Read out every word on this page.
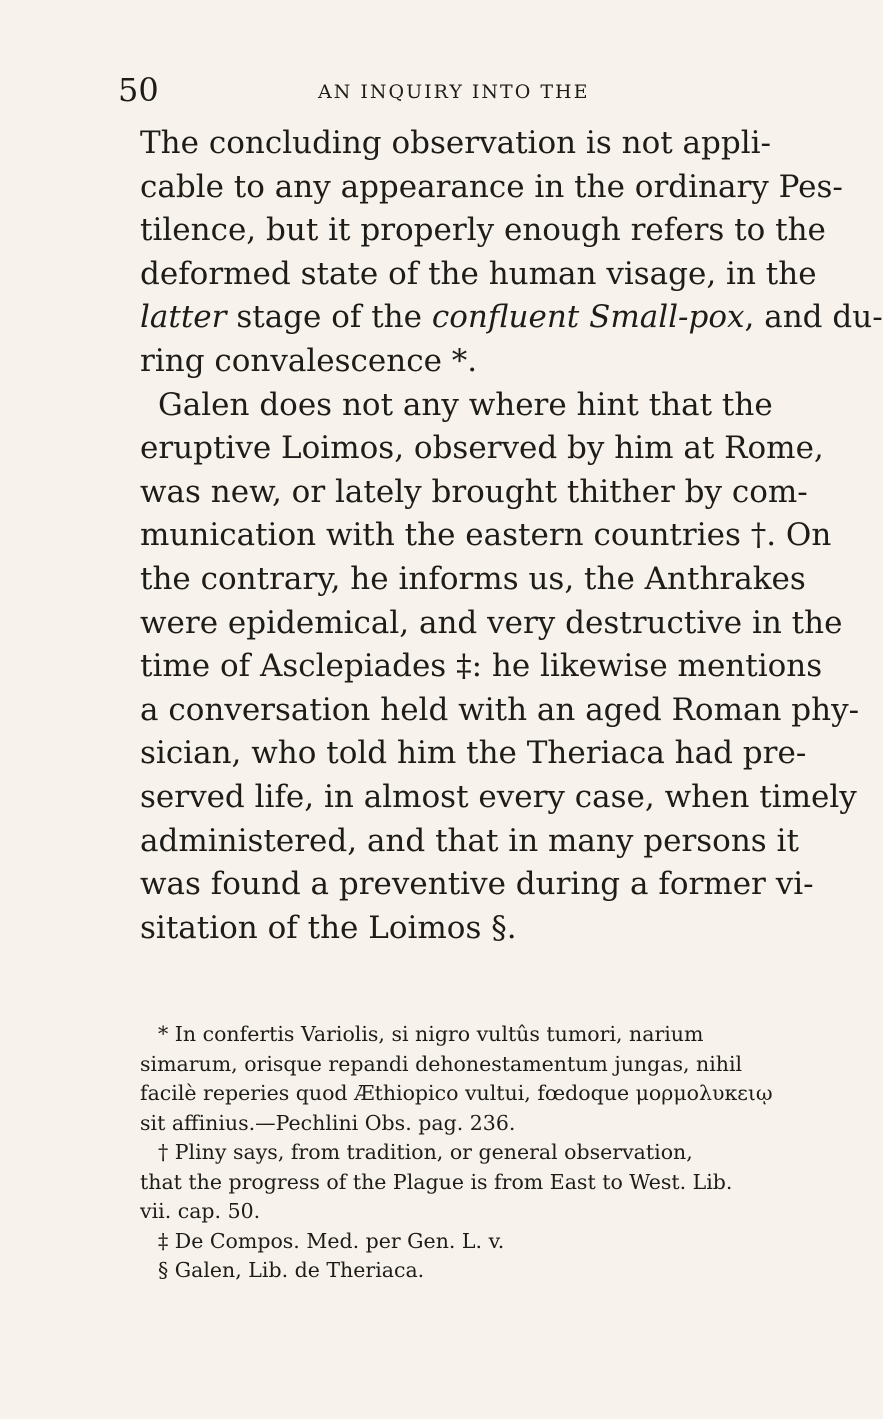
50	AN INQUIRY INTO THE
The concluding observation is not appli-
cable to any appearance in the ordinary Pes-
tilence, but it properly enough refers to the
deformed state of the human visage, in the
latter stage of the confluent Small-pox, and du-
ring convalescence *.
Galen does not any where hint that the
eruptive Loimos, observed by him at Rome,
was new, or lately brought thither by com-
munication with the eastern countries †. On
the contrary, he informs us, the Anthrakes
were epidemical, and very destructive in the
time of Asclepiades ‡: he likewise mentions
a conversation held with an aged Roman phy-
sician, who told him the Theriaca had pre-
served life, in almost every case, when timely
administered, and that in many persons it
was found a preventive during a former vi-
sitation of the Loimos §.
* In confertis Variolis, si nigro vultûs tumori, narium
simarum, orisque repandi dehonestamentum jungas, nihil
facilè reperies quod Æthiopico vultui, fœdoque μορμολυκειῳ
sit affinius.—Pechlini Obs. pag. 236.
† Pliny says, from tradition, or general observation,
that the progress of the Plague is from East to West. Lib.
vii. cap. 50.
‡ De Compos. Med. per Gen. L. v.
§ Galen, Lib. de Theriaca.
